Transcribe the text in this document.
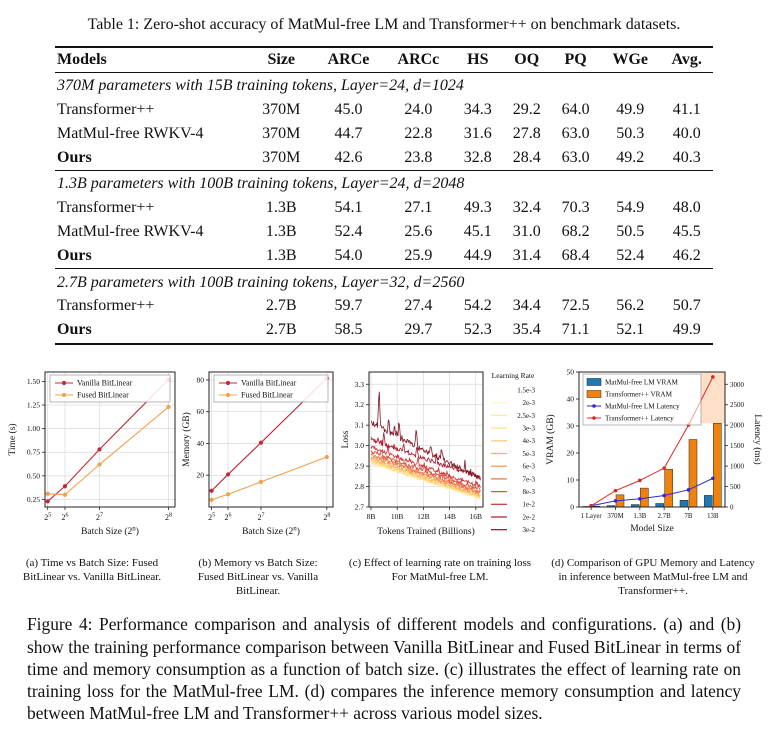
Table 1: Zero-shot accuracy of MatMul-free LM and Transformer++ on benchmark datasets.
Models	Size	ARCe	ARCc	HS	OQ	PQ	WGe	Avg.
370M parameters with 15B training tokens, Layer=24, d=1024								
Transformer++	370M	45.0	24.0	34.3	29.2	64.0	49.9	41.1
MatMul-free RWKV-4	370M	44.7	22.8	31.6	27.8	63.0	50.3	40.0
Ours	370M	42.6	23.8	32.8	28.4	63.0	49.2	40.3
1.3B parameters with 100B training tokens, Layer=24, d=2048								
Transformer++	1.3B	54.1	27.1	49.3	32.4	70.3	54.9	48.0
MatMul-free RWKV-4	1.3B	52.4	25.6	45.1	31.0	68.2	50.5	45.5
Ours	1.3B	54.0	25.9	44.9	31.4	68.4	52.4	46.2
2.7B parameters with 100B training tokens, Layer=32, d=2560								
Transformer++	2.7B	59.7	27.4	54.2	34.4	72.5	56.2	50.7
Ours	2.7B	58.5	29.7	52.3	35.4	71.1	52.1	49.9
$2^5$ $2^6$	$2^7$	$2^8$
0.25
0.50
0.75
1.00
1.25
1.50	Vanilla BitLinear
Fused BitLinear
Batch Size (2$^n$)
Time (s)
$2^5$ $2^6$	$2^7$	$2^8$
20
40
60
80	Vanilla BitLinear
Fused BitLinear
Batch Size (2$^n$)
Memory (GB)
8B 10B 12B 14B 16B
2.7
2.8
2.9
3.0
3.1
3.2
3.3
Learning Rate
1.5e-3
2e-3
2.5e-3
3e-3
4e-3
5e-3
6e-3
7e-3
8e-3
1e-2
2e-2
3e-2
Tokens Trained (Billions)
Loss
0
10
20
30
40
50
0
500
1000
1500
2000
2500
3000
1 Layer 370M 1.3B 2.7B 7B 13B
MatMul-free LM VRAM
Transformer++ VRAM
MatMul-free LM Latency
Transformer++ Latency
Model Size
VRAM (GB)	Latency (ms)
(a) Time vs Batch Size: Fused BitLinear vs. Vanilla BitLinear.
(b) Memory vs Batch Size: Fused BitLinear vs. Vanilla BitLinear.
(c) Effect of learning rate on training loss For MatMul-free LM.
(d) Comparison of GPU Memory and Latency in inference between MatMul-free LM and Transformer++.
Figure 4: Performance comparison and analysis of different models and configurations. (a) and (b) show the training performance comparison between Vanilla BitLinear and Fused BitLinear in terms of time and memory consumption as a function of batch size. (c) illustrates the effect of learning rate on training loss for the MatMul-free LM. (d) compares the inference memory consumption and latency between MatMul-free LM and Transformer++ across various model sizes.
